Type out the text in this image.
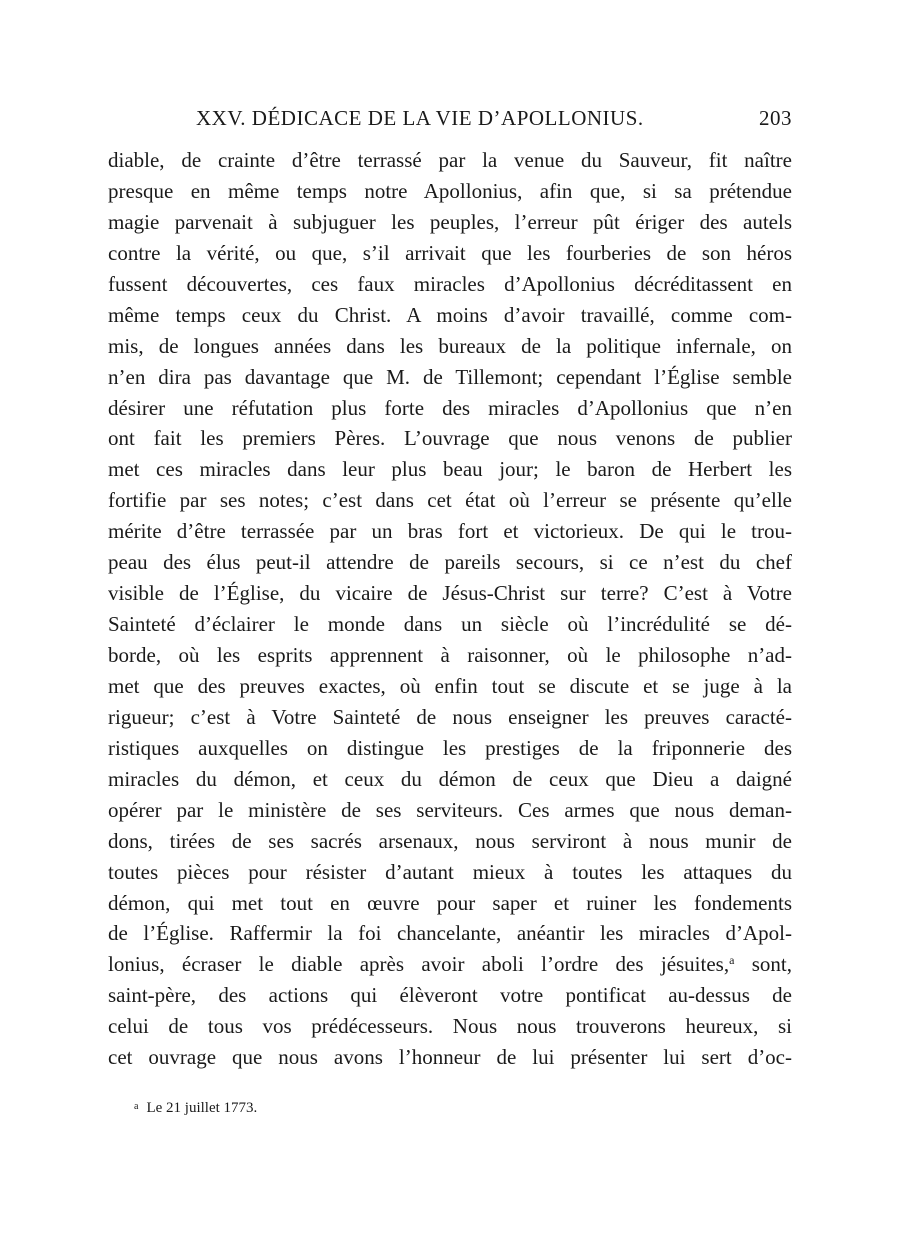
XXV. DÉDICACE DE LA VIE D’APOLLONIUS.	203
diable, de crainte d’être terrassé par la venue du Sauveur, fit naître
presque en même temps notre Apollonius, afin que, si sa prétendue
magie parvenait à subjuguer les peuples, l’erreur pût ériger des autels
contre la vérité, ou que, s’il arrivait que les fourberies de son héros
fussent découvertes, ces faux miracles d’Apollonius décréditassent en
même temps ceux du Christ. A moins d’avoir travaillé, comme com-
mis, de longues années dans les bureaux de la politique infernale, on
n’en dira pas davantage que M. de Tillemont; cependant l’Église semble
désirer une réfutation plus forte des miracles d’Apollonius que n’en
ont fait les premiers Pères. L’ouvrage que nous venons de publier
met ces miracles dans leur plus beau jour; le baron de Herbert les
fortifie par ses notes; c’est dans cet état où l’erreur se présente qu’elle
mérite d’être terrassée par un bras fort et victorieux. De qui le trou-
peau des élus peut-il attendre de pareils secours, si ce n’est du chef
visible de l’Église, du vicaire de Jésus-Christ sur terre? C’est à Votre
Sainteté d’éclairer le monde dans un siècle où l’incrédulité se dé-
borde, où les esprits apprennent à raisonner, où le philosophe n’ad-
met que des preuves exactes, où enfin tout se discute et se juge à la
rigueur; c’est à Votre Sainteté de nous enseigner les preuves caracté-
ristiques auxquelles on distingue les prestiges de la friponnerie des
miracles du démon, et ceux du démon de ceux que Dieu a daigné
opérer par le ministère de ses serviteurs. Ces armes que nous deman-
dons, tirées de ses sacrés arsenaux, nous serviront à nous munir de
toutes pièces pour résister d’autant mieux à toutes les attaques du
démon, qui met tout en œuvre pour saper et ruiner les fondements
de l’Église. Raffermir la foi chancelante, anéantir les miracles d’Apol-
lonius, écraser le diable après avoir aboli l’ordre des jésuites,$^a$ sont,
saint-père, des actions qui élèveront votre pontificat au-dessus de
celui de tous vos prédécesseurs. Nous nous trouverons heureux, si
cet ouvrage que nous avons l’honneur de lui présenter lui sert d’oc-
$^a$ Le 21 juillet 1773.
